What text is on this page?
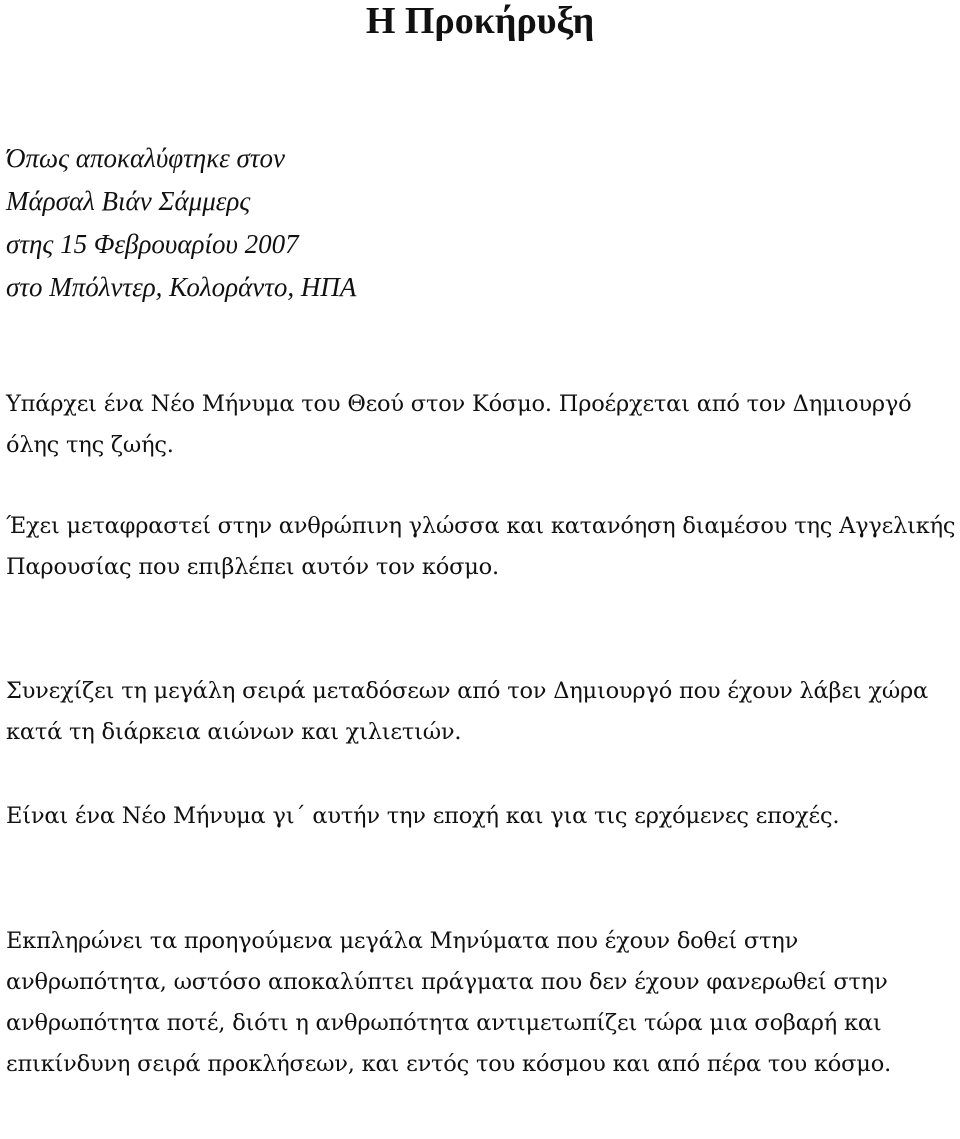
Η Προκήρυξη
Όπως αποκαλύφτηκε στον
Μάρσαλ Βιάν Σάμμερς
στης 15 Φεβρουαρίου 2007
στο Μπόλντερ, Κολοράντο, ΗΠΑ

Υπάρχει ένα Νέο Μήνυμα του Θεού στον Κόσμο. Προέρχεται από τον Δημιουργό όλης της ζωής.

Έχει μεταφραστεί στην ανθρώπινη γλώσσα και κατανόηση διαμέσου της Αγγελικής Παρουσίας που επιβλέπει αυτόν τον κόσμο.

Συνεχίζει τη μεγάλη σειρά μεταδόσεων από τον Δημιουργό που έχουν λάβει χώρα κατά τη διάρκεια αιώνων και χιλιετιών.

Είναι ένα Νέο Μήνυμα γι΄ αυτήν την εποχή και για τις ερχόμενες εποχές.

Εκπληρώνει τα προηγούμενα μεγάλα Μηνύματα που έχουν δοθεί στην ανθρωπότητα, ωστόσο αποκαλύπτει πράγματα που δεν έχουν φανερωθεί στην ανθρωπότητα ποτέ, διότι η ανθρωπότητα αντιμετωπίζει τώρα μια σοβαρή και επικίνδυνη σειρά προκλήσεων, και εντός του κόσμου και από πέρα του κόσμο.
